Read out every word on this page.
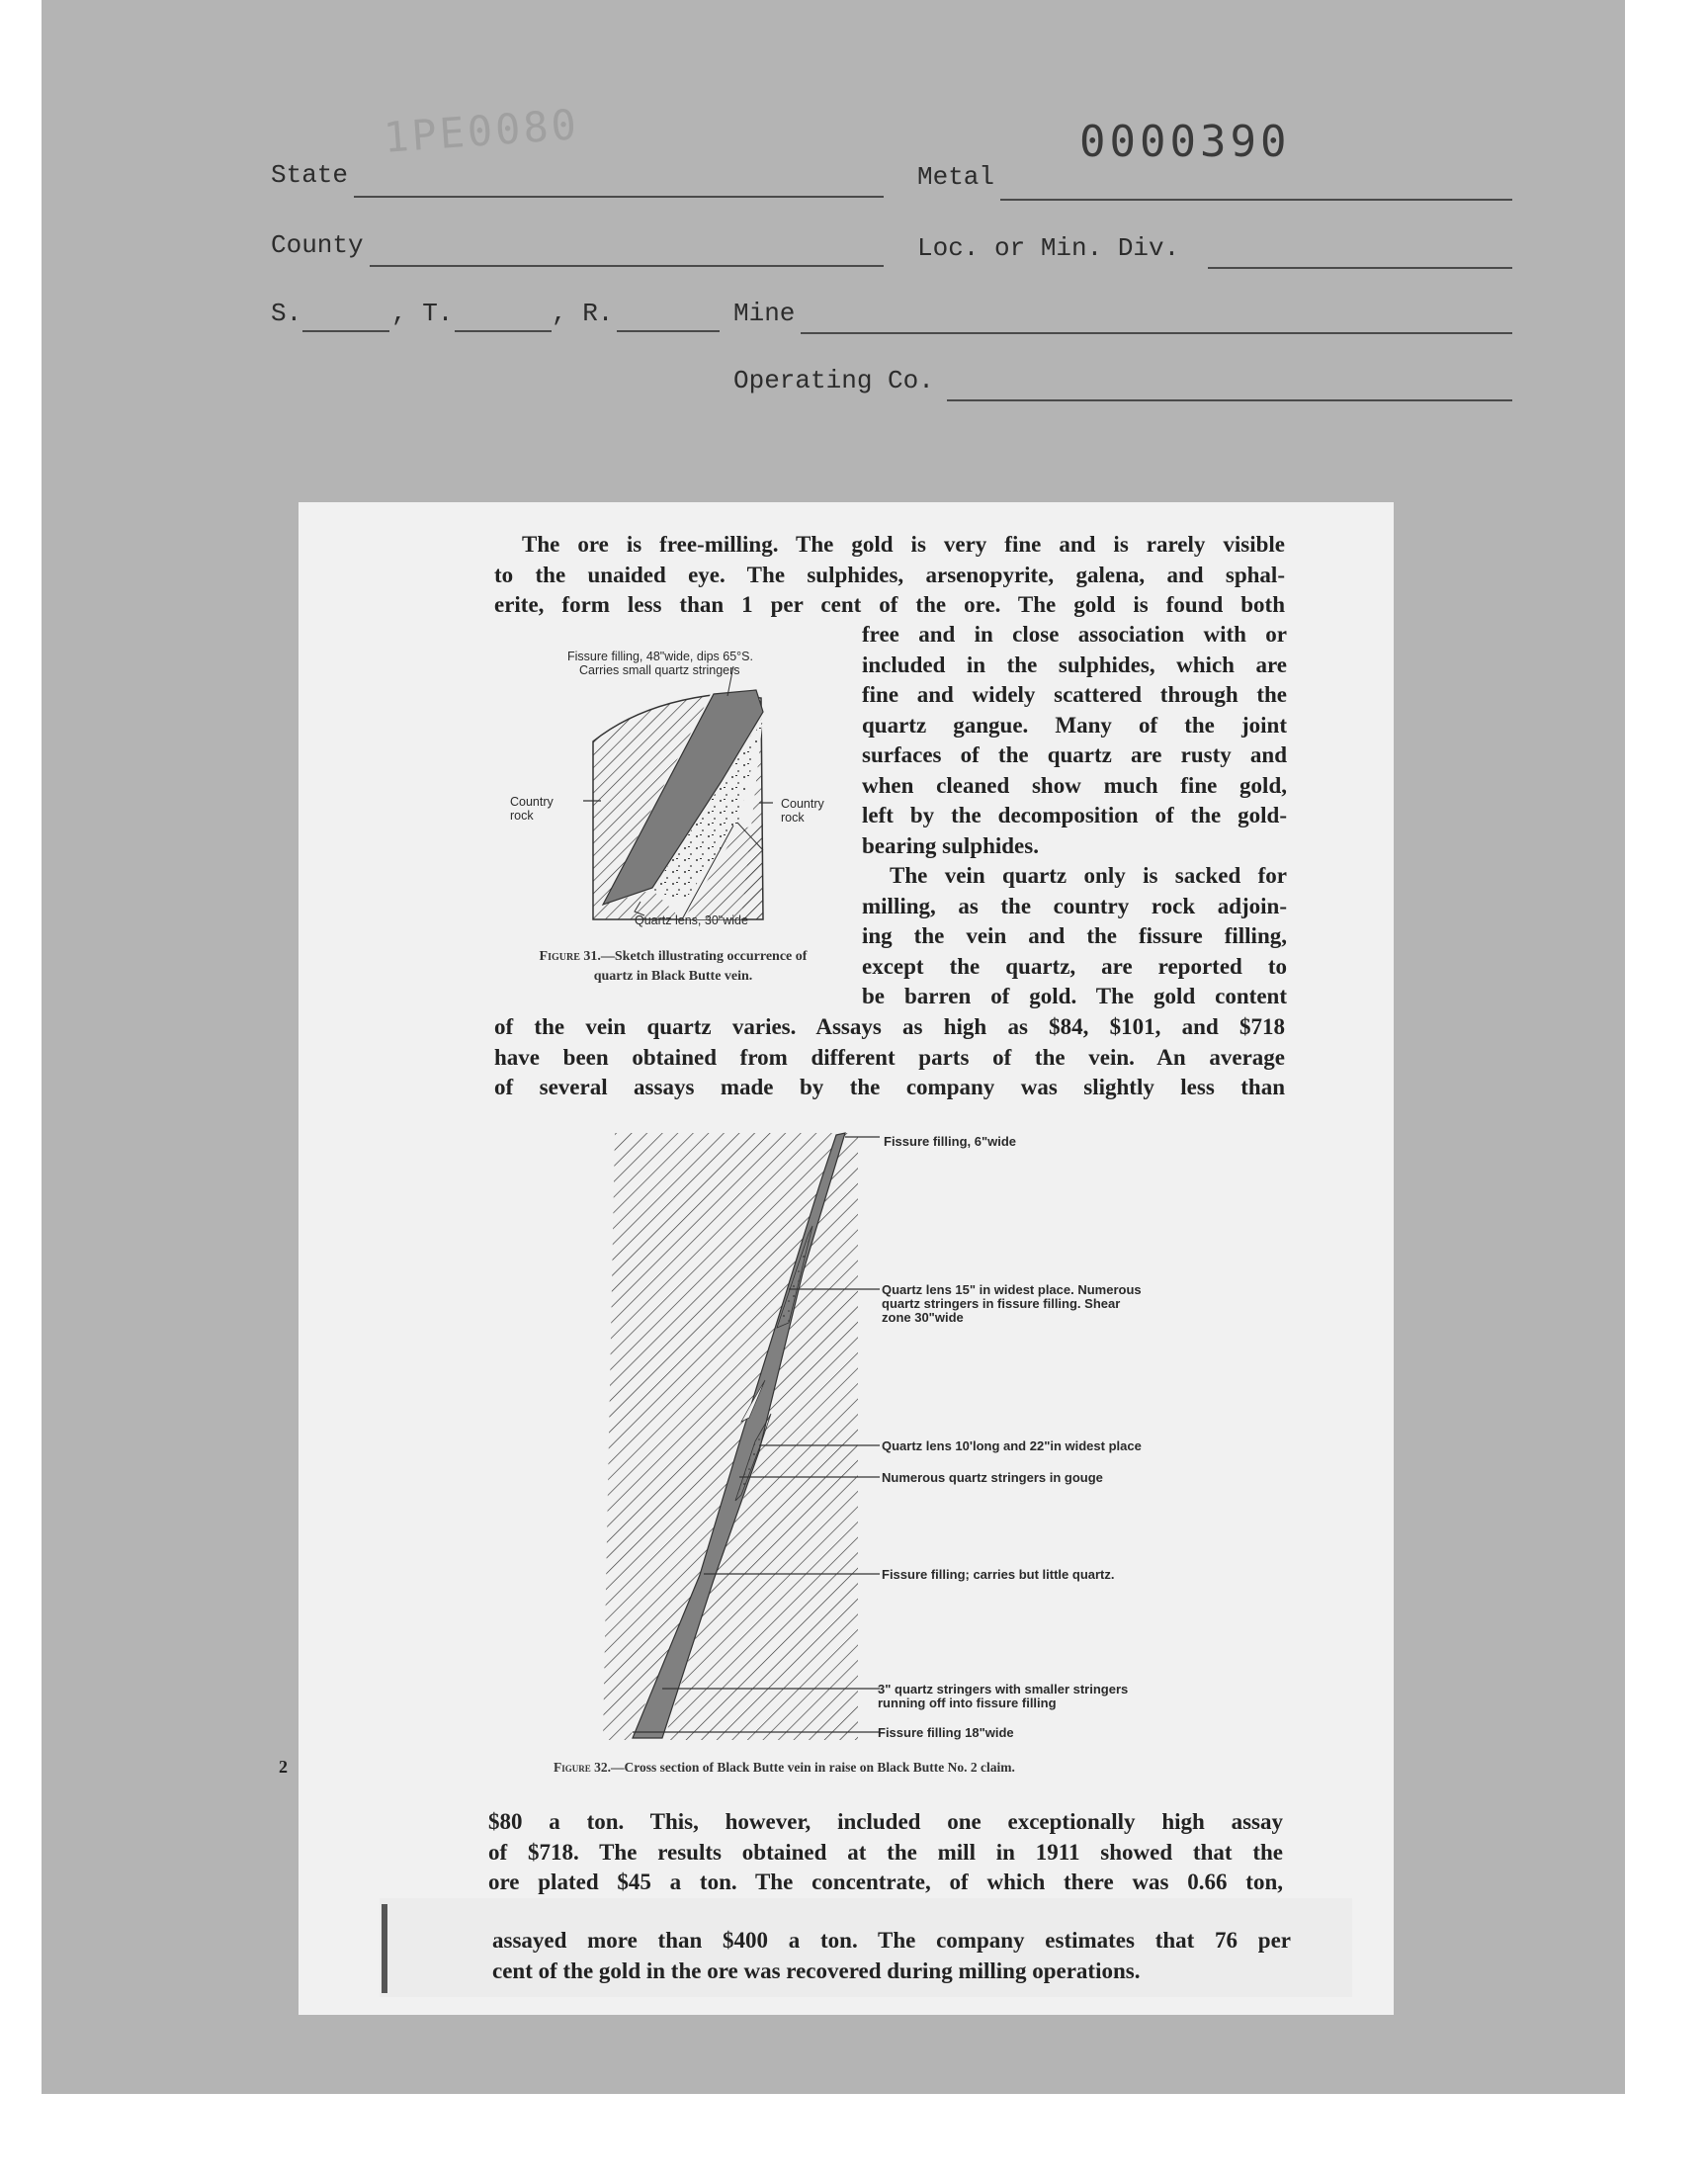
1PE0080	0000390
State	Metal
County	Loc. or Min. Div.
S.	, T.	, R.	Mine
Operating Co.
2
The ore is free-milling. The gold is very fine and is rarely visible
to the unaided eye. The sulphides, arsenopyrite, galena, and sphal-
erite, form less than 1 per cent of the ore. The gold is found both
free and in close association with or
included in the sulphides, which are
fine and widely scattered through the
quartz gangue. Many of the joint
surfaces of the quartz are rusty and
when cleaned show much fine gold,
left by the decomposition of the gold-
bearing sulphides.
The vein quartz only is sacked for
milling, as the country rock adjoin-
ing the vein and the fissure filling,
except the quartz, are reported to
be barren of gold. The gold content
of the vein quartz varies. Assays as high as $84, $101, and $718
have been obtained from different parts of the vein. An average
of several assays made by the company was slightly less than
Fissure filling, 48"wide, dips 65°S.
Carries small quartz stringers
Country rock
Country rock
Quartz lens, 30"wide
Figure 31.—Sketch illustrating occurrence of
quartz in Black Butte vein.
Fissure filling, 6"wide
Quartz lens 15" in widest place. Numerous
quartz stringers in fissure filling. Shear
zone 30"wide
Quartz lens 10'long and 22"in widest place
Numerous quartz stringers in gouge
Fissure filling; carries but little quartz.
3" quartz stringers with smaller stringers
running off into fissure filling
Fissure filling 18"wide
Figure 32.—Cross section of Black Butte vein in raise on Black Butte No. 2 claim.
$80 a ton. This, however, included one exceptionally high assay
of $718. The results obtained at the mill in 1911 showed that the
ore plated $45 a ton. The concentrate, of which there was 0.66 ton,
assayed more than $400 a ton. The company estimates that 76 per
cent of the gold in the ore was recovered during milling operations.
